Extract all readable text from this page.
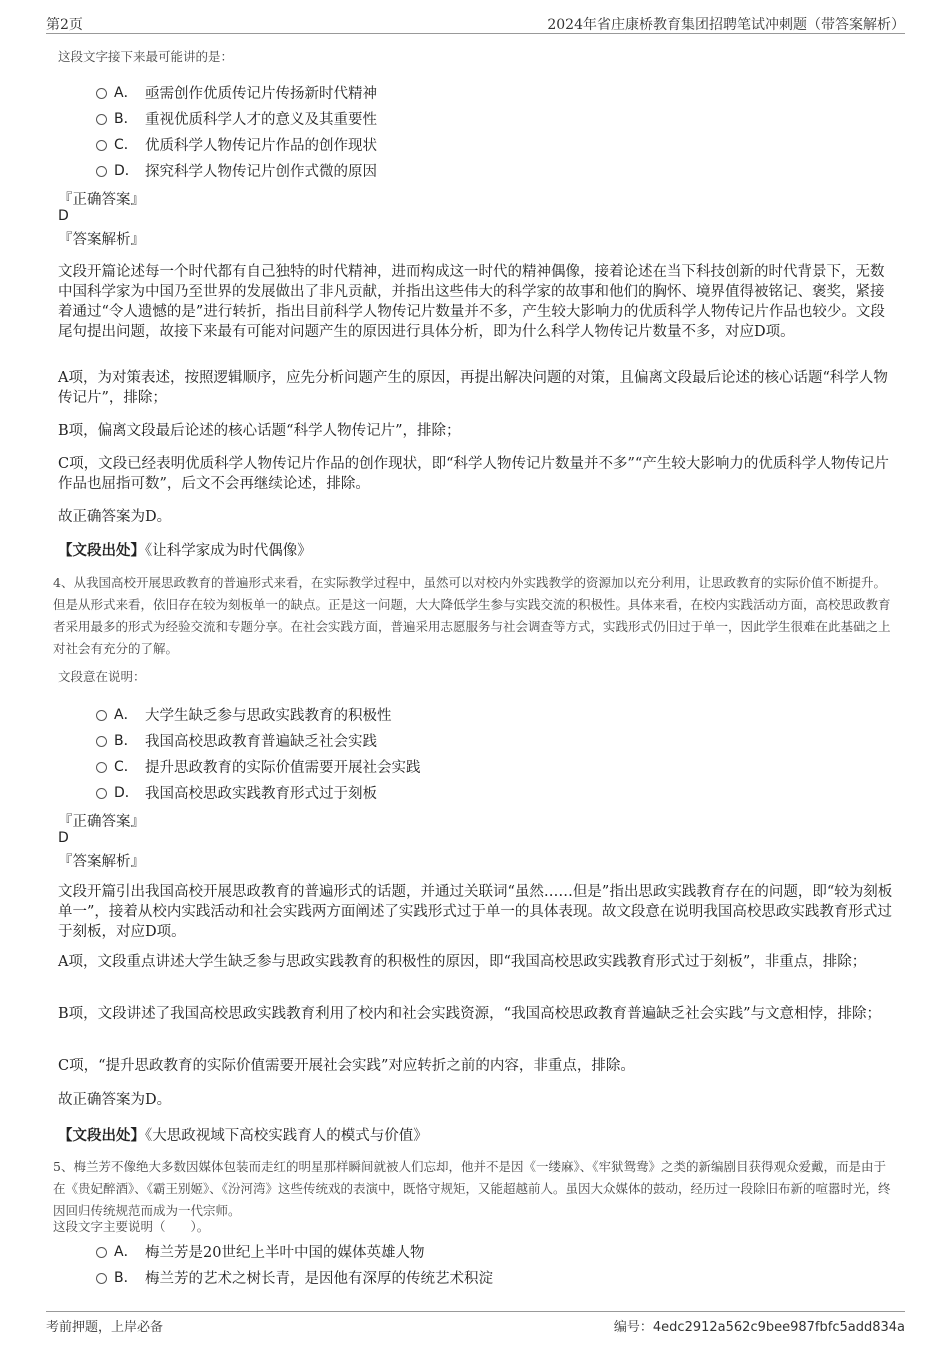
第2页	2024年省庄康桥教育集团招聘笔试冲刺题（带答案解析）
这段文字接下来最可能讲的是：
A． 亟需创作优质传记片传扬新时代精神
B． 重视优质科学人才的意义及其重要性
C． 优质科学人物传记片作品的创作现状
D． 探究科学人物传记片创作式微的原因
『正确答案』
D
『答案解析』
文段开篇论述每一个时代都有自己独特的时代精神，进而构成这一时代的精神偶像，接着论述在当下科技创新的时代背景下，无数中国科学家为中国乃至世界的发展做出了非凡贡献，并指出这些伟大的科学家的故事和他们的胸怀、境界值得被铭记、褒奖，紧接着通过“令人遗憾的是”进行转折，指出目前科学人物传记片数量并不多，产生较大影响力的优质科学人物传记片作品也较少。文段尾句提出问题，故接下来最有可能对问题产生的原因进行具体分析，即为什么科学人物传记片数量不多，对应D项。
A项，为对策表述，按照逻辑顺序，应先分析问题产生的原因，再提出解决问题的对策，且偏离文段最后论述的核心话题“科学人物传记片”，排除；
B项，偏离文段最后论述的核心话题“科学人物传记片”，排除；
C项，文段已经表明优质科学人物传记片作品的创作现状，即“科学人物传记片数量并不多”“产生较大影响力的优质科学人物传记片作品也屈指可数”，后文不会再继续论述，排除。
故正确答案为D。
【文段出处】《让科学家成为时代偶像》
4、从我国高校开展思政教育的普遍形式来看，在实际教学过程中，虽然可以对校内外实践教学的资源加以充分利用，让思政教育的实际价值不断提升。但是从形式来看，依旧存在较为刻板单一的缺点。正是这一问题，大大降低学生参与实践交流的积极性。具体来看，在校内实践活动方面，高校思政教育者采用最多的形式为经验交流和专题分享。在社会实践方面，普遍采用志愿服务与社会调查等方式，实践形式仍旧过于单一，因此学生很难在此基础之上对社会有充分的了解。
文段意在说明：
A． 大学生缺乏参与思政实践教育的积极性
B． 我国高校思政教育普遍缺乏社会实践
C． 提升思政教育的实际价值需要开展社会实践
D． 我国高校思政实践教育形式过于刻板
『正确答案』
D
『答案解析』
文段开篇引出我国高校开展思政教育的普遍形式的话题，并通过关联词“虽然……但是”指出思政实践教育存在的问题，即“较为刻板单一”，接着从校内实践活动和社会实践两方面阐述了实践形式过于单一的具体表现。故文段意在说明我国高校思政实践教育形式过于刻板，对应D项。
A项，文段重点讲述大学生缺乏参与思政实践教育的积极性的原因，即“我国高校思政实践教育形式过于刻板”，非重点，排除；
B项，文段讲述了我国高校思政实践教育利用了校内和社会实践资源，“我国高校思政教育普遍缺乏社会实践”与文意相悖，排除；
C项，“提升思政教育的实际价值需要开展社会实践”对应转折之前的内容，非重点，排除。
故正确答案为D。
【文段出处】《大思政视域下高校实践育人的模式与价值》
5、梅兰芳不像绝大多数因媒体包装而走红的明星那样瞬间就被人们忘却，他并不是因《一缕麻》、《牢狱鸳鸯》之类的新编剧目获得观众爱戴，而是由于在《贵妃醉酒》、《霸王别姬》、《汾河湾》这些传统戏的表演中，既恪守规矩，又能超越前人。虽因大众媒体的鼓动，经历过一段除旧布新的喧嚣时光，终因回归传统规范而成为一代宗师。
这段文字主要说明（　　）。
A． 梅兰芳是20世纪上半叶中国的媒体英雄人物
B． 梅兰芳的艺术之树长青，是因他有深厚的传统艺术积淀
考前押题，上岸必备	编号：4edc2912a562c9bee987fbfc5add834a
